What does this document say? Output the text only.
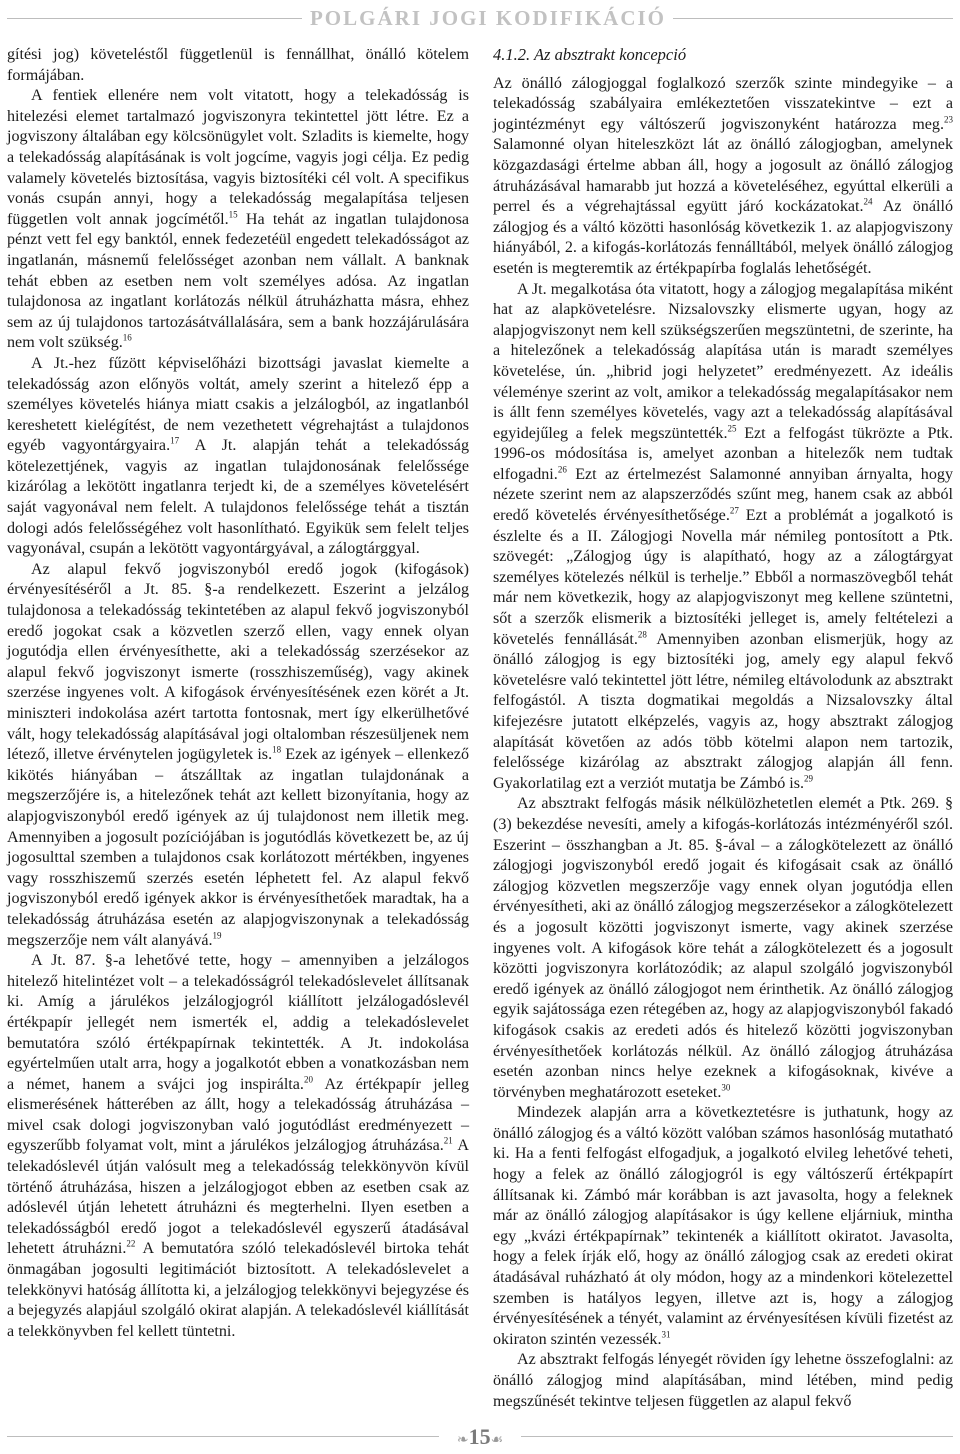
POLGÁRI JOGI KODIFIKÁCIÓ

gítési jog) követeléstől függetlenül is fennállhat, önálló kötelem formájában.

A fentiek ellenére nem volt vitatott, hogy a telekadósság is hitelezési elemet tartalmazó jogviszonyra tekintettel jött létre. Ez a jogviszony általában egy kölcsönügylet volt. Szladits is kiemelte, hogy a telekadósság alapításának is volt jogcíme, vagyis jogi célja. Ez pedig valamely követelés biztosítása, vagyis biztosítéki cél volt. A specifikus vonás csupán annyi, hogy a telekadósság megalapítása teljesen független volt annak jogcímétől.$^{15}$ Ha tehát az ingatlan tulajdonosa pénzt vett fel egy banktól, ennek fedezetéül engedett telekadósságot az ingatlanán, másnemű felelősséget azonban nem vállalt. A banknak tehát ebben az esetben nem volt személyes adósa. Az ingatlan tulajdonosa az ingatlant korlátozás nélkül átruházhatta másra, ehhez sem az új tulajdonos tartozásátvállalására, sem a bank hozzájárulására nem volt szükség.$^{16}$

A Jt.-hez fűzött képviselőházi bizottsági javaslat kiemelte a telekadósság azon előnyös voltát, amely szerint a hitelező épp a személyes követelés hiánya miatt csakis a jelzálogból, az ingatlanból kereshetett kielégítést, de nem vezethetett végrehajtást a tulajdonos egyéb vagyontárgyaira.$^{17}$ A Jt. alapján tehát a telekadósság kötelezettjének, vagyis az ingatlan tulajdonosának felelőssége kizárólag a lekötött ingatlanra terjedt ki, de a személyes követelésért saját vagyonával nem felelt. A tulajdonos felelőssége tehát a tisztán dologi adós felelősségéhez volt hasonlítható. Egyikük sem felelt teljes vagyonával, csupán a lekötött vagyontárgyával, a zálogtárggyal.

Az alapul fekvő jogviszonyból eredő jogok (kifogások) érvényesítéséről a Jt. 85. §-a rendelkezett. Eszerint a jelzálog tulajdonosa a telekadósság tekintetében az alapul fekvő jogviszonyból eredő jogokat csak a közvetlen szerző ellen, vagy ennek olyan jogutódja ellen érvényesíthette, aki a telekadósság szerzésekor az alapul fekvő jogviszonyt ismerte (rosszhiszeműség), vagy akinek szerzése ingyenes volt. A kifogások érvényesítésének ezen körét a Jt. miniszteri indokolása azért tartotta fontosnak, mert így elkerülhetővé vált, hogy telekadósság alapításával jogi oltalomban részesüljenek nem létező, illetve érvénytelen jogügyletek is.$^{18}$ Ezek az igények – ellenkező kikötés hiányában – átszálltak az ingatlan tulajdonának a megszerzőjére is, a hitelezőnek tehát azt kellett bizonyítania, hogy az alapjogviszonyból eredő igények az új tulajdonost nem illetik meg. Amennyiben a jogosult pozíciójában is jogutódlás következett be, az új jogosulttal szemben a tulajdonos csak korlátozott mértékben, ingyenes vagy rosszhiszemű szerzés esetén léphetett fel. Az alapul fekvő jogviszonyból eredő igények akkor is érvényesíthetőek maradtak, ha a telekadósság átruházása esetén az alapjogviszonynak a telekadósság megszerzője nem vált alanyává.$^{19}$

A Jt. 87. §-a lehetővé tette, hogy – amennyiben a jelzálogos hitelező hitelintézet volt – a telekadósságról telekadóslevelet állítsanak ki. Amíg a járulékos jelzálogjogról kiállított jelzálogadóslevél értékpapír jellegét nem ismerték el, addig a telekadóslevelet bemutatóra szóló értékpapírnak tekintették. A Jt. indokolása egyértelműen utalt arra, hogy a jogalkotót ebben a vonatkozásban nem a német, hanem a svájci jog inspirálta.$^{20}$ Az értékpapír jelleg elismerésének hátterében az állt, hogy a telekadósság átruházása – mivel csak dologi jogviszonyban való jogutódlást eredményezett – egyszerűbb folyamat volt, mint a járulékos jelzálogjog átruházása.$^{21}$ A telekadóslevél útján valósult meg a telekadósság telekkönyvön kívül történő átruházása, hiszen a jelzálogjogot ebben az esetben csak az adóslevél útján lehetett átruházni és megterhelni. Ilyen esetben a telekadósságból eredő jogot a telekadóslevél egyszerű átadásával lehetett átruházni.$^{22}$ A bemutatóra szóló telekadóslevél birtoka tehát önmagában jogosulti legitimációt biztosított. A telekadóslevelet a telekkönyvi hatóság állította ki, a jelzálogjog telekkönyvi bejegyzése és a bejegyzés alapjául szolgáló okirat alapján. A telekadóslevél kiállítását a telekkönyvben fel kellett tüntetni.

4.1.2. Az absztrakt koncepció

Az önálló zálogjoggal foglalkozó szerzők szinte mindegyike – a telekadósság szabályaira emlékeztetően visszatekintve – ezt a jogintézményt egy váltószerű jogviszonyként határozza meg.$^{23}$ Salamonné olyan hiteleszközt lát az önálló zálogjogban, amelynek közgazdasági értelme abban áll, hogy a jogosult az önálló zálogjog átruházásával hamarabb jut hozzá a követeléséhez, egyúttal elkerüli a perrel és a végrehajtással együtt járó kockázatokat.$^{24}$ Az önálló zálogjog és a váltó közötti hasonlóság következik 1. az alapjogviszony hiányából, 2. a kifogás-korlátozás fennálltából, melyek önálló zálogjog esetén is megteremtik az értékpapírba foglalás lehetőségét.

A Jt. megalkotása óta vitatott, hogy a zálogjog megalapítása miként hat az alapkövetelésre. Nizsalovszky elismerte ugyan, hogy az alapjogviszonyt nem kell szükségszerűen megszüntetni, de szerinte, ha a hitelezőnek a telekadósság alapítása után is maradt személyes követelése, ún. „hibrid jogi helyzetet” eredményezett. Az ideális véleménye szerint az volt, amikor a telekadósság megalapításakor nem is állt fenn személyes követelés, vagy azt a telekadósság alapításával egyidejűleg a felek megszüntették.$^{25}$ Ezt a felfogást tükrözte a Ptk. 1996-os módosítása is, amelyet azonban a hitelezők nem tudtak elfogadni.$^{26}$ Ezt az értelmezést Salamonné annyiban árnyalta, hogy nézete szerint nem az alapszerződés szűnt meg, hanem csak az abból eredő követelés érvényesíthetősége.$^{27}$ Ezt a problémát a jogalkotó is észlelte és a II. Zálogjogi Novella már némileg pontosított a Ptk. szövegét: „Zálogjog úgy is alapítható, hogy az a zálogtárgyat személyes kötelezés nélkül is terhelje.” Ebből a normaszövegből tehát már nem következik, hogy az alapjogviszonyt meg kellene szüntetni, sőt a szerzők elismerik a biztosítéki jelleget is, amely feltételezi a követelés fennállását.$^{28}$ Amennyiben azonban elismerjük, hogy az önálló zálogjog is egy biztosítéki jog, amely egy alapul fekvő követelésre való tekintettel jött létre, némileg eltávolodunk az absztrakt felfogástól. A tiszta dogmatikai megoldás a Nizsalovszky által kifejezésre jutatott elképzelés, vagyis az, hogy absztrakt zálogjog alapítását követően az adós több kötelmi alapon nem tartozik, felelőssége kizárólag az absztrakt zálogjog alapján áll fenn. Gyakorlatilag ezt a verziót mutatja be Zámbó is.$^{29}$

Az absztrakt felfogás másik nélkülözhetetlen elemét a Ptk. 269. § (3) bekezdése nevesíti, amely a kifogás-korlátozás intézményéről szól. Eszerint – összhangban a Jt. 85. §-ával – a zálogkötelezett az önálló zálogjogi jogviszonyból eredő jogait és kifogásait csak az önálló zálogjog közvetlen megszerzője vagy ennek olyan jogutódja ellen érvényesítheti, aki az önálló zálogjog megszerzésekor a zálogkötelezett és a jogosult közötti jogviszonyt ismerte, vagy akinek szerzése ingyenes volt. A kifogások köre tehát a zálogkötelezett és a jogosult közötti jogviszonyra korlátozódik; az alapul szolgáló jogviszonyból eredő igények az önálló zálogjogot nem érinthetik. Az önálló zálogjog egyik sajátossága ezen rétegében az, hogy az alapjogviszonyból fakadó kifogások csakis az eredeti adós és hitelező közötti jogviszonyban érvényesíthetőek korlátozás nélkül. Az önálló zálogjog átruházása esetén azonban nincs helye ezeknek a kifogásoknak, kivéve a törvényben meghatározott eseteket.$^{30}$

Mindezek alapján arra a következtetésre is juthatunk, hogy az önálló zálogjog és a váltó között valóban számos hasonlóság mutatható ki. Ha a fenti felfogást elfogadjuk, a jogalkotó elvileg lehetővé teheti, hogy a felek az önálló zálogjogról is egy váltószerű értékpapírt állítsanak ki. Zámbó már korábban is azt javasolta, hogy a feleknek már az önálló zálogjog alapításakor is úgy kellene eljárniuk, mintha egy „kvázi értékpapírnak” tekintenék a kiállított okiratot. Javasolta, hogy a felek írják elő, hogy az önálló zálogjog csak az eredeti okirat átadásával ruházható át oly módon, hogy az a mindenkori kötelezettel szemben is hatályos legyen, illetve azt is, hogy a zálogjog érvényesítésének a tényét, valamint az érvényesítésen kívüli fizetést az okiraton szintén vezessék.$^{31}$

Az absztrakt felfogás lényegét röviden így lehetne összefoglalni: az önálló zálogjog mind alapításában, mind létében, mind pedig megszűnését tekintve teljesen független az alapul fekvő

❧15☙
